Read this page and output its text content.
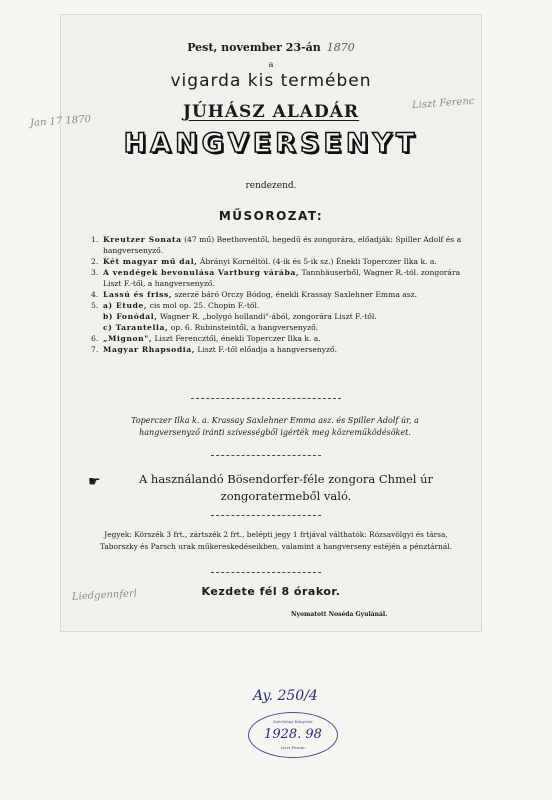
Pest, november 23-án 1870
a
vigarda kis termében
JÚHÁSZ ALADÁR
HANGVERSENYT
rendezend.
MŰSOROZAT:
1. Kreutzer Sonata (47 mű) Beethoventől, hegedű és zongorára, előadják: Spiller Adolf és a hangversenyző.
2. Két magyar mű dal, Ábrányi Kornéltól. (4-ik és 5-ik sz.) Énekli Toperczer Ilka k. a.
3. A vendégek bevonulása Vartburg várába, Tannhäuserből, Wagner R.-tól. zongorára Liszt F.-től, a hangversenyző.
4. Lassú és friss, szerzé báró Orczy Bódog, énekli Krassay Saxlehner Emma asz.
5. a) Etude, cis mol op. 25. Chopin F.-től.
b) Fonódal, Wagner R. „bolygó hollandi"-ából, zongorára Liszt F.-től.
c) Tarantella, op. 6. Rubinsteintől, a hangversenyző.
6. „Mignon", Liszt Ferencztől, énekli Toperczer Ilka k. a.
7. Magyar Rhapsodia, Liszt F.-től előadja a hangversenyző.
Toperczer Ilka k. a. Krassay Saxlehner Emma asz. és Spiller Adolf úr, a hangversenyző iránti szívességből igérték meg közreműködésöket.
☛	A használandó Bösendorfer-féle zongora Chmel úr zongoratermeből való.
Jegyek: Körszék 3 frt., zártszék 2 frt., belépti jegy 1 frtjával válthatók: Rózsavölgyi és társa, Taborszky és Parsch urak műkereskedéseikben, valamint a hangverseny estéjén a pénztárnál.
Kezdete fél 8 órakor.
Nyomatott Noséda Gyulánál.
Jan 17 1870
Liszt Ferenc
Liedgennferl
Ay. 250/4
Széchényi Könyvtár
1928. 98
Liszt Ferenc
